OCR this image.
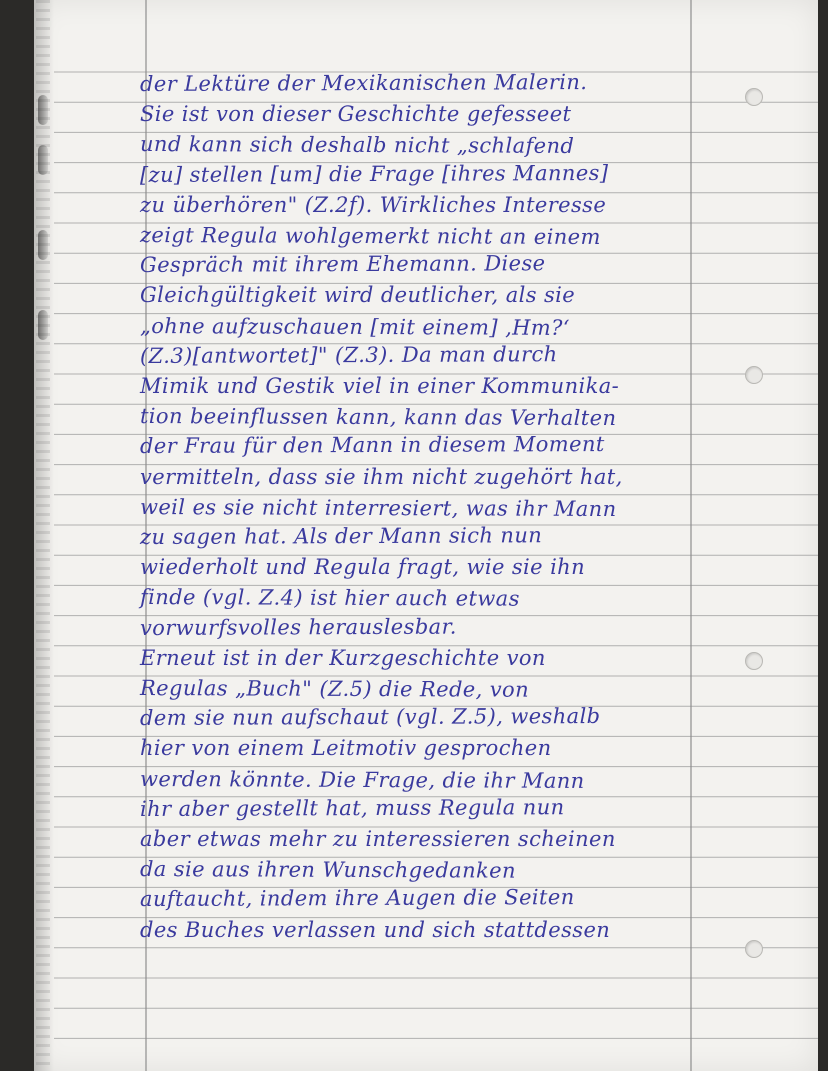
der Lektüre der Mexikanischen Malerin.
Sie ist von dieser Geschichte gefesseet
und kann sich deshalb nicht „schlafend
[zu] stellen [um] die Frage [ihres Mannes]
zu überhören" (Z.2f). Wirkliches Interesse
zeigt Regula wohlgemerkt nicht an einem
Gespräch mit ihrem Ehemann. Diese
Gleichgültigkeit wird deutlicher, als sie
„ohne aufzuschauen [mit einem] ‚Hm?‘
(Z.3)[antwortet]" (Z.3). Da man durch
Mimik und Gestik viel in einer Kommunika-
tion beeinflussen kann, kann das Verhalten
der Frau für den Mann in diesem Moment
vermitteln, dass sie ihm nicht zugehört hat,
weil es sie nicht interresiert, was ihr Mann
zu sagen hat. Als der Mann sich nun
wiederholt und Regula fragt, wie sie ihn
finde (vgl. Z.4) ist hier auch etwas
vorwurfsvolles herauslesbar.
Erneut ist in der Kurzgeschichte von
Regulas „Buch" (Z.5) die Rede, von
dem sie nun aufschaut (vgl. Z.5), weshalb
hier von einem Leitmotiv gesprochen
werden könnte. Die Frage, die ihr Mann
ihr aber gestellt hat, muss Regula nun
aber etwas mehr zu interessieren scheinen
da sie aus ihren Wunschgedanken
auftaucht, indem ihre Augen die Seiten
des Buches verlassen und sich stattdessen
